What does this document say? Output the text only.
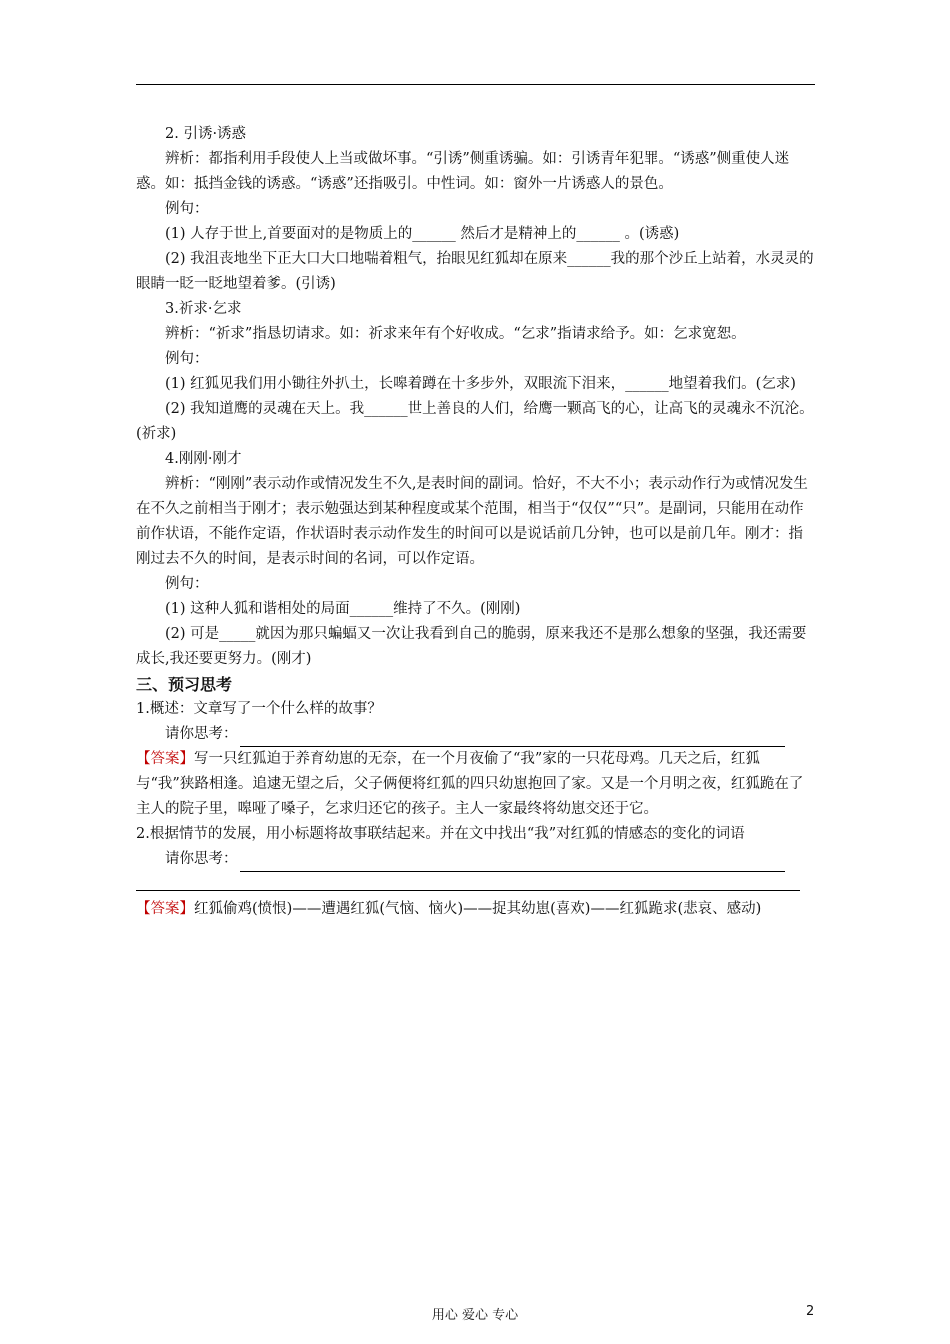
2. 引诱·诱惑
辨析：都指利用手段使人上当或做坏事。“引诱”侧重诱骗。如：引诱青年犯罪。“诱惑”侧重使人迷惑。如：抵挡金钱的诱惑。“诱惑”还指吸引。中性词。如：窗外一片诱惑人的景色。
例句：
(1) 人存于世上,首要面对的是物质上的______ 然后才是精神上的______ 。(诱惑)
(2) 我沮丧地坐下正大口大口地喘着粗气，抬眼见红狐却在原来______我的那个沙丘上站着，水灵灵的眼睛一眨一眨地望着爹。(引诱)
3.祈求·乞求
辨析：“祈求”指恳切请求。如：祈求来年有个好收成。“乞求”指请求给予。如：乞求宽恕。
例句：
(1) 红狐见我们用小锄往外扒土，长嗥着蹲在十多步外，双眼流下泪来，______地望着我们。(乞求)
(2) 我知道鹰的灵魂在天上。我______世上善良的人们，给鹰一颗高飞的心，让高飞的灵魂永不沉沦。(祈求)
4.刚刚·刚才
辨析：“刚刚”表示动作或情况发生不久,是表时间的副词。恰好，不大不小；表示动作行为或情况发生在不久之前相当于刚才；表示勉强达到某种程度或某个范围，相当于“仅仅”“只”。是副词，只能用在动作前作状语，不能作定语，作状语时表示动作发生的时间可以是说话前几分钟，也可以是前几年。刚才：指刚过去不久的时间，是表示时间的名词，可以作定语。
例句：
(1) 这种人狐和谐相处的局面______维持了不久。(刚刚)
(2) 可是_____就因为那只蝙蝠又一次让我看到自己的脆弱，原来我还不是那么想象的坚强，我还需要成长,我还要更努力。(刚才)
三、预习思考
1.概述：文章写了一个什么样的故事？
请你思考：
【答案】写一只红狐迫于养育幼崽的无奈，在一个月夜偷了“我”家的一只花母鸡。几天之后，红狐与“我”狭路相逢。追逮无望之后，父子俩便将红狐的四只幼崽抱回了家。又是一个月明之夜，红狐跪在了主人的院子里，嗥哑了嗓子，乞求归还它的孩子。主人一家最终将幼崽交还于它。
2.根据情节的发展，用小标题将故事联结起来。并在文中找出“我”对红狐的情感态的变化的词语
请你思考：
【答案】红狐偷鸡(愤恨)——遭遇红狐(气恼、恼火)——捉其幼崽(喜欢)——红狐跪求(悲哀、感动)
用心 爱心 专心	2
